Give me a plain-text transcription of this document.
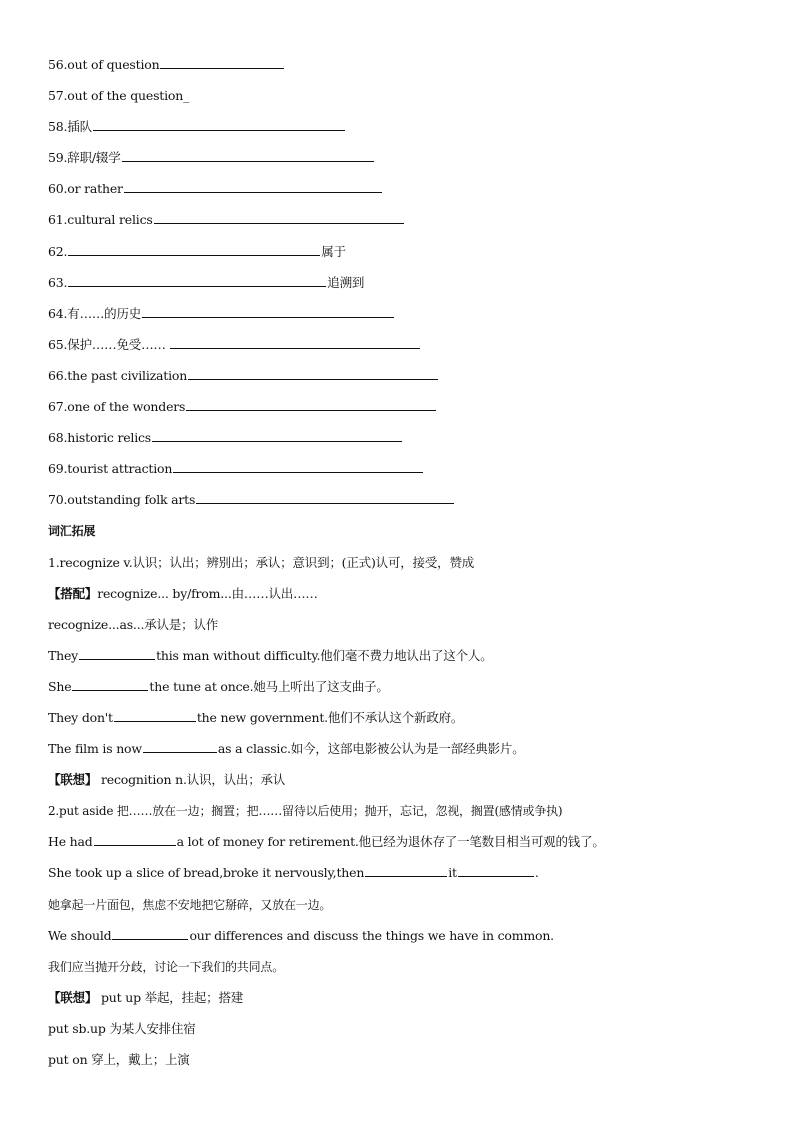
56.out of question
57.out of the question_
58.插队
59.辞职/辍学
60.or rather
61.cultural relics
62.	属于
63.	追溯到
64.有……的历史
65.保护……免受……
66.the past civilization
67.one of the wonders
68.historic relics
69.tourist attraction
70.outstanding folk arts
词汇拓展
1.recognize v.认识；认出；辨别出；承认；意识到；(正式)认可，接受，赞成
【搭配】recognize... by/from...由……认出……
recognize...as...承认是；认作
They	this man without difficulty.他们毫不费力地认出了这个人。
She	the tune at once.她马上听出了这支曲子。
They don't	the new government.他们不承认这个新政府。
The film is now	as a classic.如今，这部电影被公认为是一部经典影片。
【联想】 recognition n.认识，认出；承认
2.put aside 把……放在一边；搁置；把……留待以后使用；抛开，忘记，忽视，搁置(感情或争执)
He had	a lot of money for retirement.他已经为退休存了一笔数目相当可观的钱了。
She took up a slice of bread,broke it nervously,then	it	.
她拿起一片面包，焦虑不安地把它掰碎，又放在一边。
We should	our differences and discuss the things we have in common.
我们应当抛开分歧，讨论一下我们的共同点。
【联想】 put up 举起，挂起；搭建
put sb.up 为某人安排住宿
put on 穿上，戴上；上演
